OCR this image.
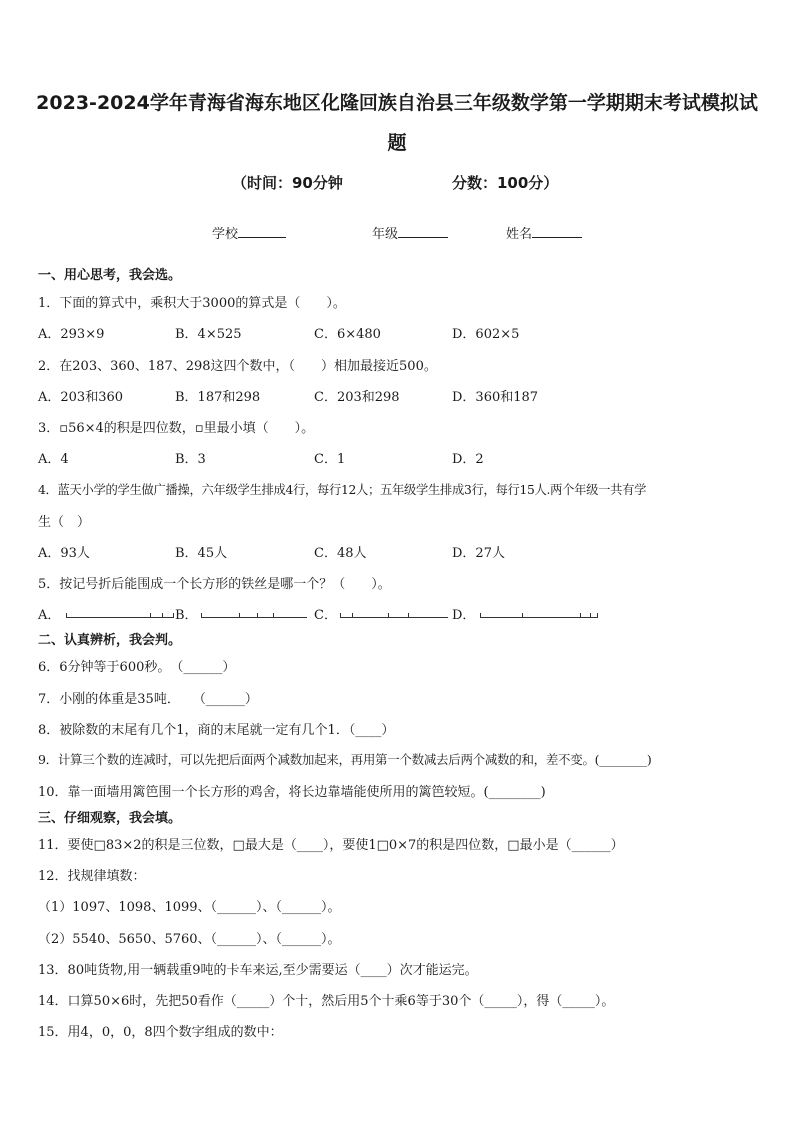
2023-2024学年青海省海东地区化隆回族自治县三年级数学第一学期期末考试模拟试
题
（时间：90分钟	分数：100分）
学校	年级	姓名
一、用心思考，我会选。
1．下面的算式中，乘积大于3000的算式是（　　）。
A．293×9	B．4×525	C．6×480	D．602×5
2．在203、360、187、298这四个数中，（　　）相加最接近500。
A．203和360	B．187和298	C．203和298	D．360和187
3．▫56×4的积是四位数，▫里最小填（　　）。
A．4	B．3	C．1	D．2
4．蓝天小学的学生做广播操，六年级学生排成4行，每行12人；五年级学生排成3行，每行15人.两个年级一共有学
生（　）
A．93人	B．45人	C．48人	D．27人
5．按记号折后能围成一个长方形的铁丝是哪一个？（　　）。
A．	B．	C．	D．
二、认真辨析，我会判。
6．6分钟等于600秒。　（______）
7．小刚的体重是35吨．　　（______）
8．被除数的末尾有几个1，商的末尾就一定有几个1．（____）
9．计算三个数的连减时，可以先把后面两个减数加起来，再用第一个数减去后两个减数的和，差不变。(________)
10．靠一面墙用篱笆围一个长方形的鸡舍，将长边靠墙能使所用的篱笆较短。(________)
三、仔细观察，我会填。
11．要使□83×2的积是三位数，□最大是（____），要使1□0×7的积是四位数，□最小是（______）
12．找规律填数：
（1）1097、1098、1099、（______）、（______）。
（2）5540、5650、5760、（______）、（______）。
13．80吨货物,用一辆载重9吨的卡车来运,至少需要运（____）次才能运完。
14．口算50×6时，先把50看作（_____）个十，然后用5个十乘6等于30个（_____），得（_____）。
15．用4，0，0，8四个数字组成的数中：
